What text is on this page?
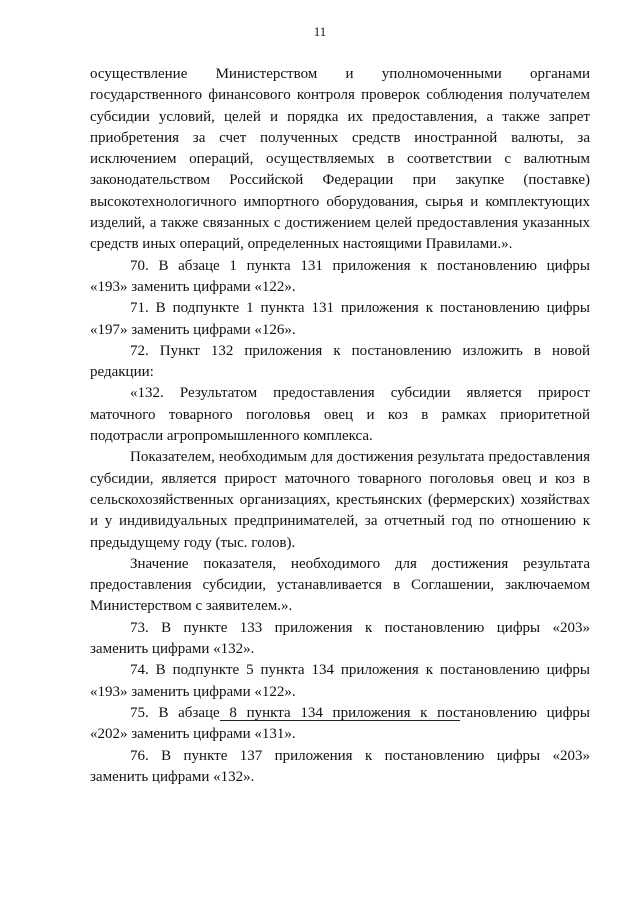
11

осуществление Министерством и уполномоченными органами

государственного финансового контроля проверок соблюдения получателем

субсидии условий, целей и порядка их предоставления, а также запрет

приобретения за счет полученных средств иностранной валюты, за

исключением операций, осуществляемых в соответствии с валютным

законодательством Российской Федерации при закупке (поставке)

высокотехнологичного импортного оборудования, сырья и комплектующих

изделий, а также связанных с достижением целей предоставления указанных

средств иных операций, определенных настоящими Правилами.».

70. В абзаце 1 пункта 131 приложения к постановлению цифры

«193» заменить цифрами «122».

71. В подпункте 1 пункта 131 приложения к постановлению цифры

«197» заменить цифрами «126».

72. Пункт 132 приложения к постановлению изложить в новой

редакции:

«132. Результатом предоставления субсидии является прирост

маточного товарного поголовья овец и коз в рамках приоритетной

подотрасли агропромышленного комплекса.

Показателем, необходимым для достижения результата предоставления

субсидии, является прирост маточного товарного поголовья овец и коз в

сельскохозяйственных организациях, крестьянских (фермерских) хозяйствах

и у индивидуальных предпринимателей, за отчетный год по отношению к

предыдущему году (тыс. голов).

Значение показателя, необходимого для достижения результата

предоставления субсидии, устанавливается в Соглашении, заключаемом

Министерством с заявителем.».

73. В пункте 133 приложения к постановлению цифры «203»

заменить цифрами «132».

74. В подпункте 5 пункта 134 приложения к постановлению цифры

«193» заменить цифрами «122».

75. В абзаце 8 пункта 134 приложения к постановлению цифры

«202» заменить цифрами «131».

76. В пункте 137 приложения к постановлению цифры «203»

заменить цифрами «132».
